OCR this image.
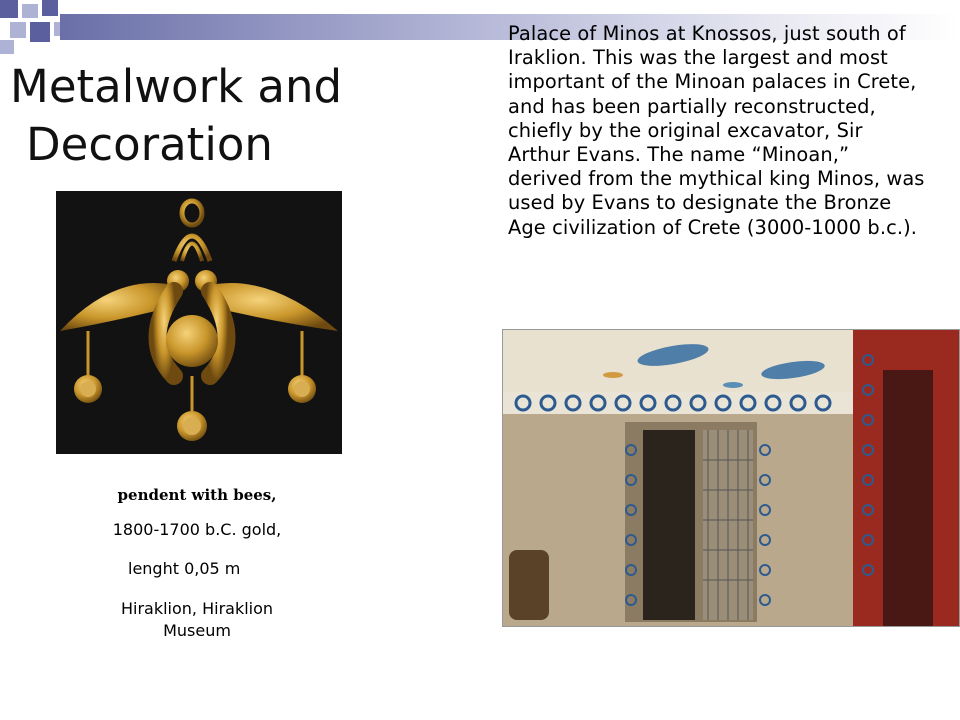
Metalwork and
Decoration
Palace of Minos at Knossos, just south of Iraklion. This was the largest and most important of the Minoan palaces in Crete, and has been partially reconstructed, chiefly by the original excavator, Sir Arthur Evans. The name “Minoan,” derived from the mythical king Minos, was used by Evans to designate the Bronze Age civilization of Crete (3000-1000 b.c.).
pendent with bees,
1800-1700 b.C. gold,
lenght 0,05 m
Hiraklion, Hiraklion Museum
